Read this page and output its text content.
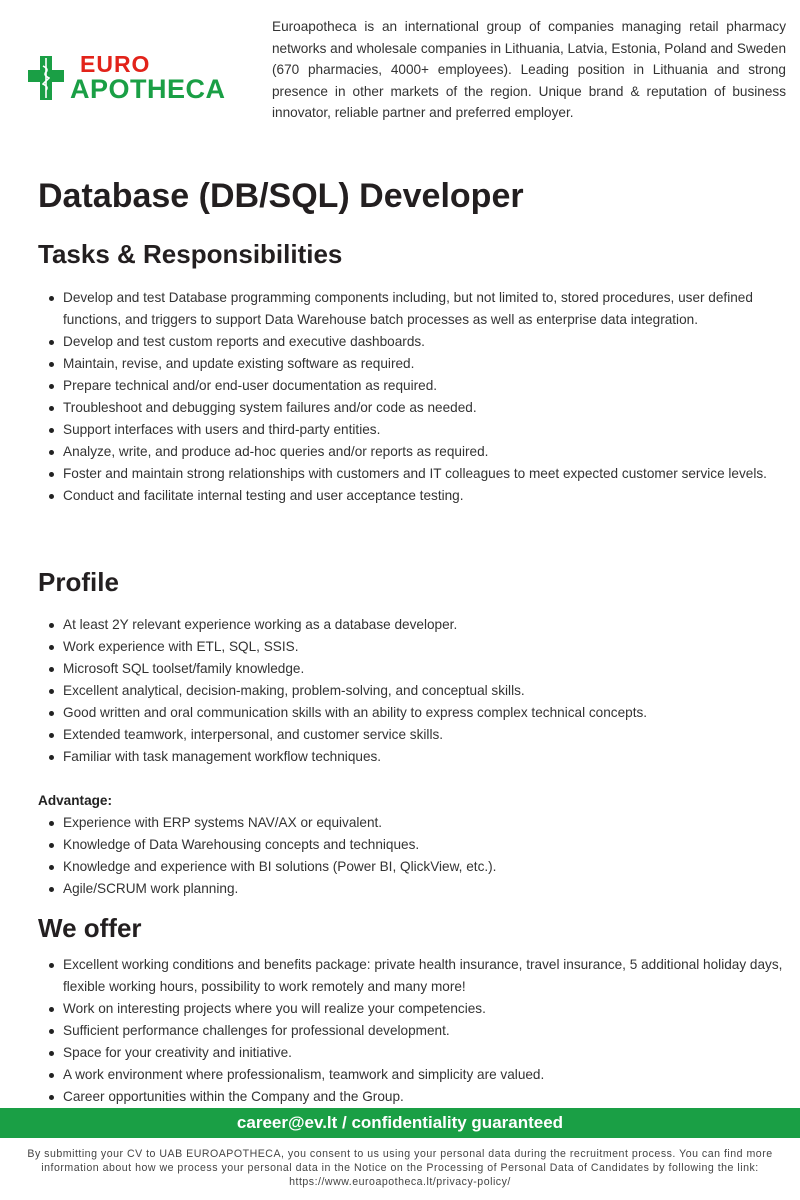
EURO
APOTHECA
Euroapotheca is an international group of companies managing retail pharmacy networks and wholesale companies in Lithuania, Latvia, Estonia, Poland and Sweden (670 pharmacies, 4000+ employees). Leading position in Lithuania and strong presence in other markets of the region. Unique brand & reputation of business innovator, reliable partner and preferred employer.
Database (DB/SQL) Developer
Tasks & Responsibilities
Develop and test Database programming components including, but not limited to, stored procedures, user defined functions, and triggers to support Data Warehouse batch processes as well as enterprise data integration.
Develop and test custom reports and executive dashboards.
Maintain, revise, and update existing software as required.
Prepare technical and/or end-user documentation as required.
Troubleshoot and debugging system failures and/or code as needed.
Support interfaces with users and third-party entities.
Analyze, write, and produce ad-hoc queries and/or reports as required.
Foster and maintain strong relationships with customers and IT colleagues to meet expected customer service levels.
Conduct and facilitate internal testing and user acceptance testing.
Profile
At least 2Y relevant experience working as a database developer.
Work experience with ETL, SQL, SSIS.
Microsoft SQL toolset/family knowledge.
Excellent analytical, decision-making, problem-solving, and conceptual skills.
Good written and oral communication skills with an ability to express complex technical concepts.
Extended teamwork, interpersonal, and customer service skills.
Familiar with task management workflow techniques.
Advantage:
Experience with ERP systems NAV/AX or equivalent.
Knowledge of Data Warehousing concepts and techniques.
Knowledge and experience with BI solutions (Power BI, QlickView, etc.).
Agile/SCRUM work planning.
We offer
Excellent working conditions and benefits package: private health insurance, travel insurance, 5 additional holiday days, flexible working hours, possibility to work remotely and many more!
Work on interesting projects where you will realize your competencies.
Sufficient performance challenges for professional development.
Space for your creativity and initiative.
A work environment where professionalism, teamwork and simplicity are valued.
Career opportunities within the Company and the Group.
career@ev.lt / confidentiality guaranteed
By submitting your CV to UAB EUROAPOTHECA, you consent to us using your personal data during the recruitment process. You can find more information about how we process your personal data in the Notice on the Processing of Personal Data of Candidates by following the link: https://www.euroapotheca.lt/privacy-policy/
